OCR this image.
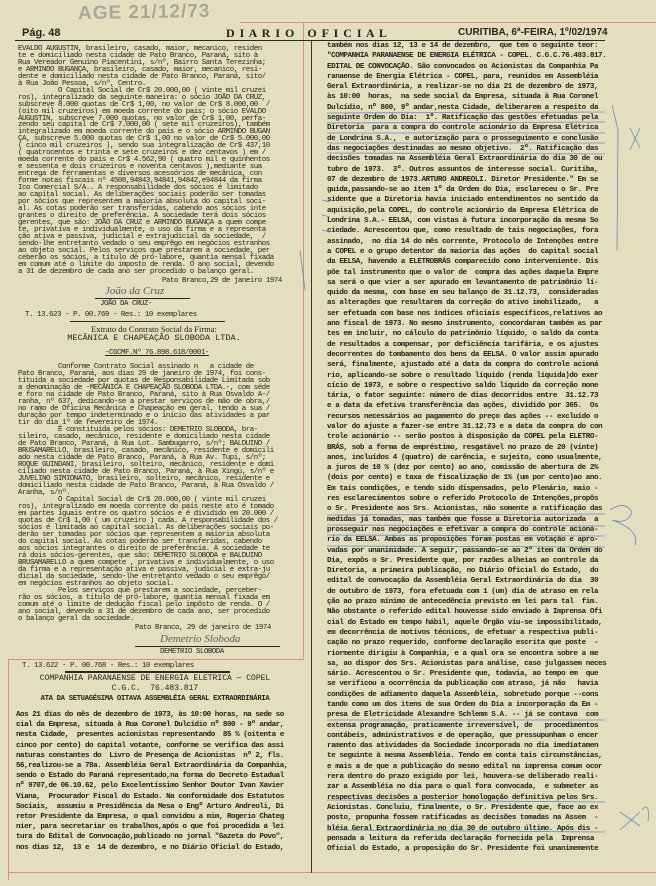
AGE 21/12/73
Pág. 48	D I A R I O   O F I C I A L	CURITIBA, 6ª-FEIRA, 1º/02/1974
EVALDO AUGUSTIN, brasileiro, casado, maior, mecanico, residen
te e domiciliado nesta cidade de Pato Branco, Paraná, sito à
Rua Vereador Genuino Piacentini, s/nº, Bairro Santa Terezinha;
e ARMINDO BUGANÇA, brasileiro, casado, maior, mecanico, resi-
dente e domiciliado nesta cidade de Pato Branco, Paraná, sito/
à Rua João Pessoa, s/nº, Centro.
O Capital Social de Cr$ 20.000,00 ( vinte mil cruzei
ros), integralizado da seguinte maneira: o sócio JOÃO DA CRUZ,
subscreve 8.000 quotas de Cr$ 1,00, no valor de Cr$ 8.000,00  /
(oito mil cruzeiros) em moeda corrente do pais; o sócio EVALDO
AUGUSTIN, subscreve 7.000 quotas, no valor de Cr$ 1,00, perfa-
zendo seu capital de Cr$ 7.000,00 ( sete mil cruzeiros), também
integralizado em moeda corrente do país e o sócio ARMINDO BUGAN
ÇA, subscreve 5.000 quotas de Cr$ 1,00 no valor de Cr$ 5.000,00
( cinco mil cruzeiros ), sendo sua integralização de Cr$ 437,10
( quatrocentos e trinta e sete cruzeiros e dez centavos ) em /
moeda corrente do país e Cr$ 4.562,90 ( quatro mil e quinhentos
e sessenta e dois cruzeiros e noventa centavos ),mediante sua
entrega de ferramentas e diversos acessórios de mecânica, con
forme notas fiscais nº 4508,94843,94841,94842,e94844 da firma
Ico Comercial S/A.. A responsabilidade dos sócios é limitado
ao capital social. As deliberações sociais poderão ser tomadas
por sócios que representem a maioria absoluta do capital soci-
al. As cotas poderão ser transferidas, cabendo aos sócios inte
grantes o direito de preferência. A sociedade terá dois sócios
gerentes, que são: JOÃO DA CRUZ e ARMINDO BUGANÇA a quem compe
te, privativa e individualmente, o uso da firma e a representa
ção ativa e passiva, judicial e extrajudicial da sociedade,  /
sendo-lhe entretanto vedado o seu emprêgo em negócios estranhos
ao objeto social. Pelos serviços que prestarem a sociedade, per
ceberão os sócios, a título de pró-labore, quantia mensal fixada
em comum até o limite do imposto de renda. O ano social, devendo
a 31 de dezembro de cada ano ser procedido o balanço geral.
Pato Branco,29 de janeiro 1974
João da Cruz
JOÃO DA CRUZ-
T. 13.623 - P. 00.769 - Res.: 10 exemplares
Extrato do Contrato Social da Firma:
MECÂNICA E CHAPEAÇÃO SLOBODA LTDA.
-CGCMF.Nº 76.898.618/0001-
Conforme Contrato Social assinado n   a cidade de
Pato Branco, Paraná, aos dias 29 de janeiro de 1974, foi cons-
tituida a sociedade por quotas de Responsabilidade Limitada sob
a denominação de -MECÂNICA E CHAPEAÇÃO SLOBODA LTDA.-, com séde
e foro na cidade de Pato Branco, Paraná, sito à Rua Osvaldo A-/
ranha, nº 637, dedicando-se a prestar serviços de mão de obra,/
no ramo de Oficina Mecânica e Chapeação em geral, tendo a sua /
duração por tempo indeterminado e o início das atividades a par
tir do dia 1º de fevereiro de 1974.
É constituida pelos sócios: DEMETRIO SLOBODA, bra-
sileiro, casado, mecânico, residente e domiciliado nesta cidade
de Pato Branco, Paraná, à Rua Lot. Sambugarro, s/nº; BALDUINO /
BRUSAMARELLO, brasileiro, casado, mecânico, residente e domicili
ado nesta cidade de Pato Branco, Paraná, à Rua Av. Tupi, s/nº;
ROQUE GUINDANI, brasileiro, solteiro, mecânico, residente e domi
ciliado nesta cidade de Pato Branco, Paraná, à Rua Xingú, s/nº e
JUVELINO SIMIONATO, brasileiro, solteiro, mecânico, residente e
domiciliado nesta cidade de Pato Branco, Paraná, à Rua Osvaldo /
Aranha, s/nº.
O Capital Social de Cr$ 20.000,00 ( vinte mil cruzei
ros), integralizado em moeda corrente do país neste ato é tomado
em partes iguais entre os quatro sócios e é dividido em 20.000 /
quotas de Cr$ 1,00 ( um cruzeiro ) cada. A responsabilidade dos /
sócios é limitada ao capital social. As deliberações sociais po-
derão ser tomadas por sócios que representem a maioria absoluta
do capital social. As cotas poderão ser transferidas, cabendo
aos sócios integrantes o direito de preferência. A sociedade te
rá dois sócios-gerentes, que são: DEMETRIO SLOBODA e BALDUINO
BRUSAMARELLO a quem compete , privativa e individualmente, o uso
da firma e a representação ativa e passiva, judicial e extra-ju
dicial da sociedade, sendo-lhe entretanto vedado o seu emprêgo/
em negócios estranhos ao objeto social.
Pelos serviços que prestarem a sociedade, perceber-
rão os sócios, a título de pró-labore, quantia mensal fixada em
comum até o limite de dedução fiscal pelo impôsto de renda. O /
ano social, devendo a 31 de dezembro de cada ano, ser procedido
o balanço geral da sociedade.
Pato Branco, 29 de janeiro de 1974
Demetrio Sloboda
DEMETRIO SLOBODA
T. 13.622 - P. 00.768 - Res.: 10 exemplares
COMPANHIA PARANAENSE DE ENERGIA ELETRICA — COPEL
C.G.C.  76.483.817
ATA DA SETUAGÉSIMA OITAVA ASSEMBLÉIA GERAL EXTRAORDINÁRIA
Aos 21 dias do mês de dezembro de 1973, às 10:00 horas, na sede so
cial da Empresa, situada à Rua Coronel Dulcídio nº 800 - 9º andar,
nesta Cidade,  presentes acionistas representando  85 % (oitenta e
cinco por cento) do capital votante, conforme se verifica das assi
naturas constantes do  Livro de Presença de Acionistas  nº 2, fls.
56,realizou-se a 78a. Assembléia Geral Extraordinária da Companhia,
sendo o Estado do Paraná representado,na forma do Decreto Estadual
nº 9707,de 06.10.62, pelo Excelentíssimo Senhor Doutor Ivan Xavier
Viana,  Procurador Fiscal do Estado. Na conformidade dos Estatutos
Sociais,  assumiu a Presidência da Mesa o Engº Arturo Andreoli, Di
retor Presidente da Empresa, o qual convidou a mim, Rogerio Chateg
nier, para secretariar os trabalhos,após o que foi procedida a lei
tura do Edital de Convocação,publicado no jornal "Gazeta do Povo",
nos dias 12,  13 e  14 de dezembro, e no Diário Oficial do Estado,
também nos dias 12, 13 e 14 de dezembro,  que tem o seguinte teor:
"COMPANHIA PARANAENSE DE ENERGIA ELÉTRICA - COPEL. C.G.C.76.483.817.
EDITAL DE CONVOCAÇÃO. São convocados os Acionistas da Companhia Pa
ranaense de Energia Elétrica - COPEL, para, reunidos em Assembléia
Geral Extraordinária, a realizar-se no dia 21 de dezembro de 1973,
às 10:00  horas,  na sede social da Empresa, situada à Rua Coronel
Dulcídio, nº 800, 9º andar,nesta Cidade, deliberarem a respeito da
seguinte Ordem do Dia:  1º. Ratificação das gestões efetuadas pela
Diretoria  para a compra do controle acionário da Empresa Elétrica
de Londrina S.A.,  e autorização para o prosseguimento e conclusão
das negociações destinadas ao mesmo objetivo.  2º. Ratificação das
decisões tomadas na Assembléia Geral Extraordinária do dia 30 de ou
tubro de 1973.  3º. Outros assuntos de interesse social. Curitiba,
07 de dezembro de 1973.ARTURO ANDREOLI. Diretor Presidente." Em se
guida,passando-se ao item 1º da Ordem do Dia, esclareceu o Sr. Pre
sidente que a Diretoria havia iniciado entendimentos no sentido da
aquisição,pela COPEL, do controle acionário da Empresa Elétrica de
Londrina S.A.- EELSA, com vistas à futura incorporação da mesma So
ciedade. Acrescentou que, como resultado de tais negociações, fora
assinado,  no dia 14 do mês corrente, Protocolo de Intenções entre
a COPEL e o grupo detentor da maioria das ações  do capital social
da EELSA, havendo a ELETROBRÁS comparecido como interveniente. Dis
põe tal instrumento que o valor de  compra das ações daquela Empre
sa será o que vier a ser apurado em levantamento de patrimônio lí-
quido da mesma, com base em seu balanço de 31.12.73,  consideradas
as alterações que resultarem da correção do ativo imobilizado,   a
ser efetuada com base nos índices oficiais específicos,relativos ao
ano fiscal de 1973. No mesmo instrumento, concordaram também as par
tes em incluir, no cálculo do patrimônio líquido, o saldo da conta
de resultados a compensar, por deficiência tarifária, e os ajustes
decorrentes do tombamento dos bens da EELSA. O valor assim apurado
será, finalmente, ajustado até a data da compra do controle acioná
rio, aplicando-se sobre o resultado líquido (renda líquida)do exer
cício de 1973, e sobre o respectivo saldo líquido da correção mone
tária, o fator seguinte: número de dias decorridos entre  31.12.73
e a data da efetiva transferência das ações, dividido por 365.  Os
recursos necessários ao pagamento do preço das ações -- excluído o
valor do ajuste a fazer-se entre 31.12.73 e a data da compra do con
trole acionário -- serão postos à disposição da COPEL pela ELETRO-
BRÁS, sob a forma de empréstimo, resgatável no prazo de 20 (vinte)
anos, incluídos 4 (quatro) de carência, e sujeito, como usualmente,
a juros de 10 % (dez por cento) ao ano, comissão de abertura de 2%
(dois por cento) e taxa de fiscalização de 1% (um por cento)ao ano.
Em tais condições, e tendo sido dispensados, pelo Plenário, maio -
res esclarecimentos sobre o referido Protocolo de Intenções,propôs
o Sr. Presidente aos Srs. Acionistas, não somente a ratificação das
medidas já tomadas, mas também que fosse a Diretoria autorizada  a
prosseguir nas negociações e efetivar a compra do controle acioná-
rio da EELSA. Ambas as proposições foram postas em votação e apro-
vadas por unanimidade. A seguir, passando-se ao 2º item da Ordem do
Dia, expôs o Sr. Presidente que, por razões alheias ao controle da
Diretoria, a primeira publicação, no Diário Oficial do Estado,  do
edital de convocação da Assembléia Geral Extraordinária do dia  30
de outubro de 1973, fora efetuada com 1 (um) dia de atraso em rela
ção ao prazo mínimo de antecedência previsto em lei para tal  fim.
Não obstante o referido edital houvesse sido enviado à Imprensa Ofi
cial do Estado em tempo hábil, aquele Órgão viu-se impossibilitado,
em decorrência de motivos técnicos, de efetuar a respectiva publi-
cação no prazo requerido, conforme declaração escrita que poste  -
riormente dirigiu à Companhia, e a qual ora se encontra sobre a me
sa, ao dispor dos Srs. Acionistas para análise, caso julgassem neces
sário. Acrescentou o Sr. Presidente que, todavia, ao tempo em  que
se verificou a ocorrência da publicação com atraso, já não   havia
condições de adiamento daquela Assembléia, sobretudo porque --cons
tando como um dos itens de sua Ordem do Dia a incorporação da Em -
presa de Eletricidade Alexandre Schlemm S.A. -- já se contava  com
extensa programação, praticamente irreversível, de   procedimentos
contábeis, administrativos e de operação, que pressupunham o encer
ramento das atividades da Sociedade incorporada no dia imediatamen
te seguinte à mesma Assembléia. Tendo em conta tais circunstâncias,
e mais a de que a publicação do mesmo edital na imprensa comum ocor
rera dentro do prazo exigido por lei, houvera-se deliberado reali-
zar a Assembléia no dia para o qual fora convocada,  e submeter as
respectivas decisões a posterior homologação definitiva pelos Srs.
Acionistas. Concluiu, finalmente, o Sr. Presidente que, face ao ex
posto, propunha fossem ratificadas as decisões tomadas na Assem  -
bléia Geral Extraordinária no dia 30 de outubro último. Após dis -
pensada a leitura da referida declaração fornecida pela  Imprensa
Oficial do Estado, a proposição do Sr. Presidente foi unanimemente
